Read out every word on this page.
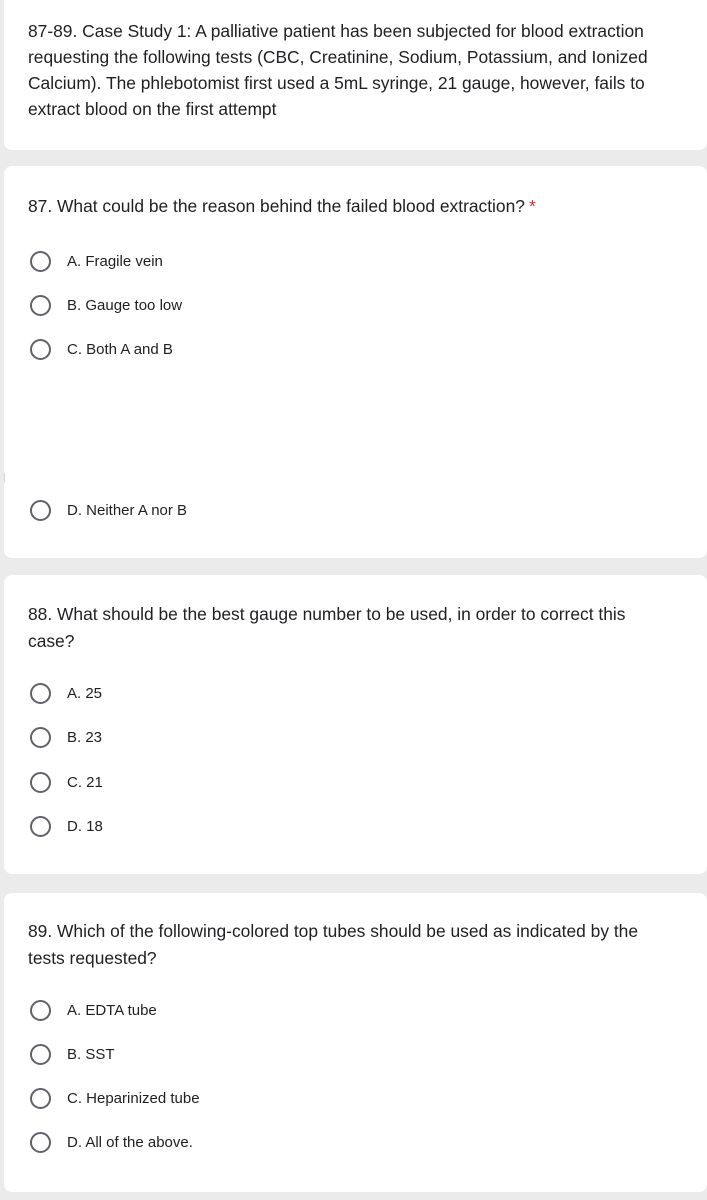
87-89. Case Study 1: A palliative patient has been subjected for blood extraction requesting the following tests (CBC, Creatinine, Sodium, Potassium, and Ionized Calcium). The phlebotomist first used a 5mL syringe, 21 gauge, however, fails to extract blood on the first attempt
87. What could be the reason behind the failed blood extraction? *
A. Fragile vein
B. Gauge too low
C. Both A and B
D. Neither A nor B
88. What should be the best gauge number to be used, in order to correct this case?
A. 25
B. 23
C. 21
D. 18
89. Which of the following-colored top tubes should be used as indicated by the tests requested?
A. EDTA tube
B. SST
C. Heparinized tube
D. All of the above.
